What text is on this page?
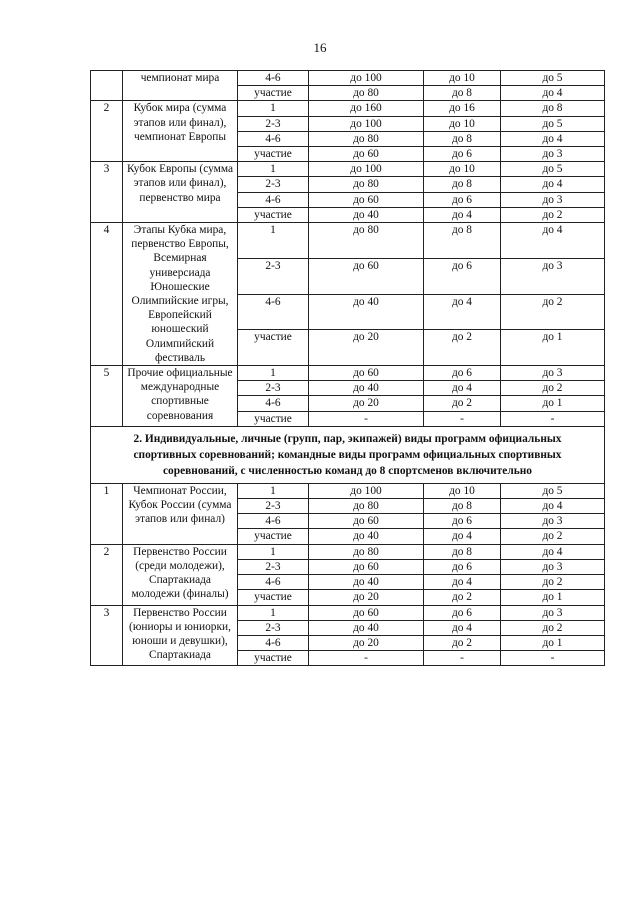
16
	чемпионат мира	4-6	до 100	до 10	до 5
		участие	до 80	до 8	до 4
2	Кубок мира (сумма этапов или финал), чемпионат Европы	1	до 160	до 16	до 8
		2-3	до 100	до 10	до 5
		4-6	до 80	до 8	до 4
		участие	до 60	до 6	до 3
3	Кубок Европы (сумма этапов или финал), первенство мира	1	до 100	до 10	до 5
		2-3	до 80	до 8	до 4
		4-6	до 60	до 6	до 3
		участие	до 40	до 4	до 2
4	Этапы Кубка мира, первенство Европы, Всемирная универсиада Юношеские Олимпийские игры, Европейский юношеский Олимпийский фестиваль	1	до 80	до 8	до 4
		2-3	до 60	до 6	до 3
		4-6	до 40	до 4	до 2
		участие	до 20	до 2	до 1
5	Прочие официальные международные спортивные соревнования	1	до 60	до 6	до 3
		2-3	до 40	до 4	до 2
		4-6	до 20	до 2	до 1
		участие	-	-	-
2. Индивидуальные, личные (групп, пар, экипажей) виды программ официальных спортивных соревнований; командные виды программ официальных спортивных соревнований, с численностью команд до 8 спортсменов включительно					
1	Чемпионат России, Кубок России (сумма этапов или финал)	1	до 100	до 10	до 5
		2-3	до 80	до 8	до 4
		4-6	до 60	до 6	до 3
		участие	до 40	до 4	до 2
2	Первенство России (среди молодежи), Спартакиада молодежи (финалы)	1	до 80	до 8	до 4
		2-3	до 60	до 6	до 3
		4-6	до 40	до 4	до 2
		участие	до 20	до 2	до 1
3	Первенство России (юниоры и юниорки, юноши и девушки), Спартакиада	1	до 60	до 6	до 3
		2-3	до 40	до 4	до 2
		4-6	до 20	до 2	до 1
		участие	-	-	-
